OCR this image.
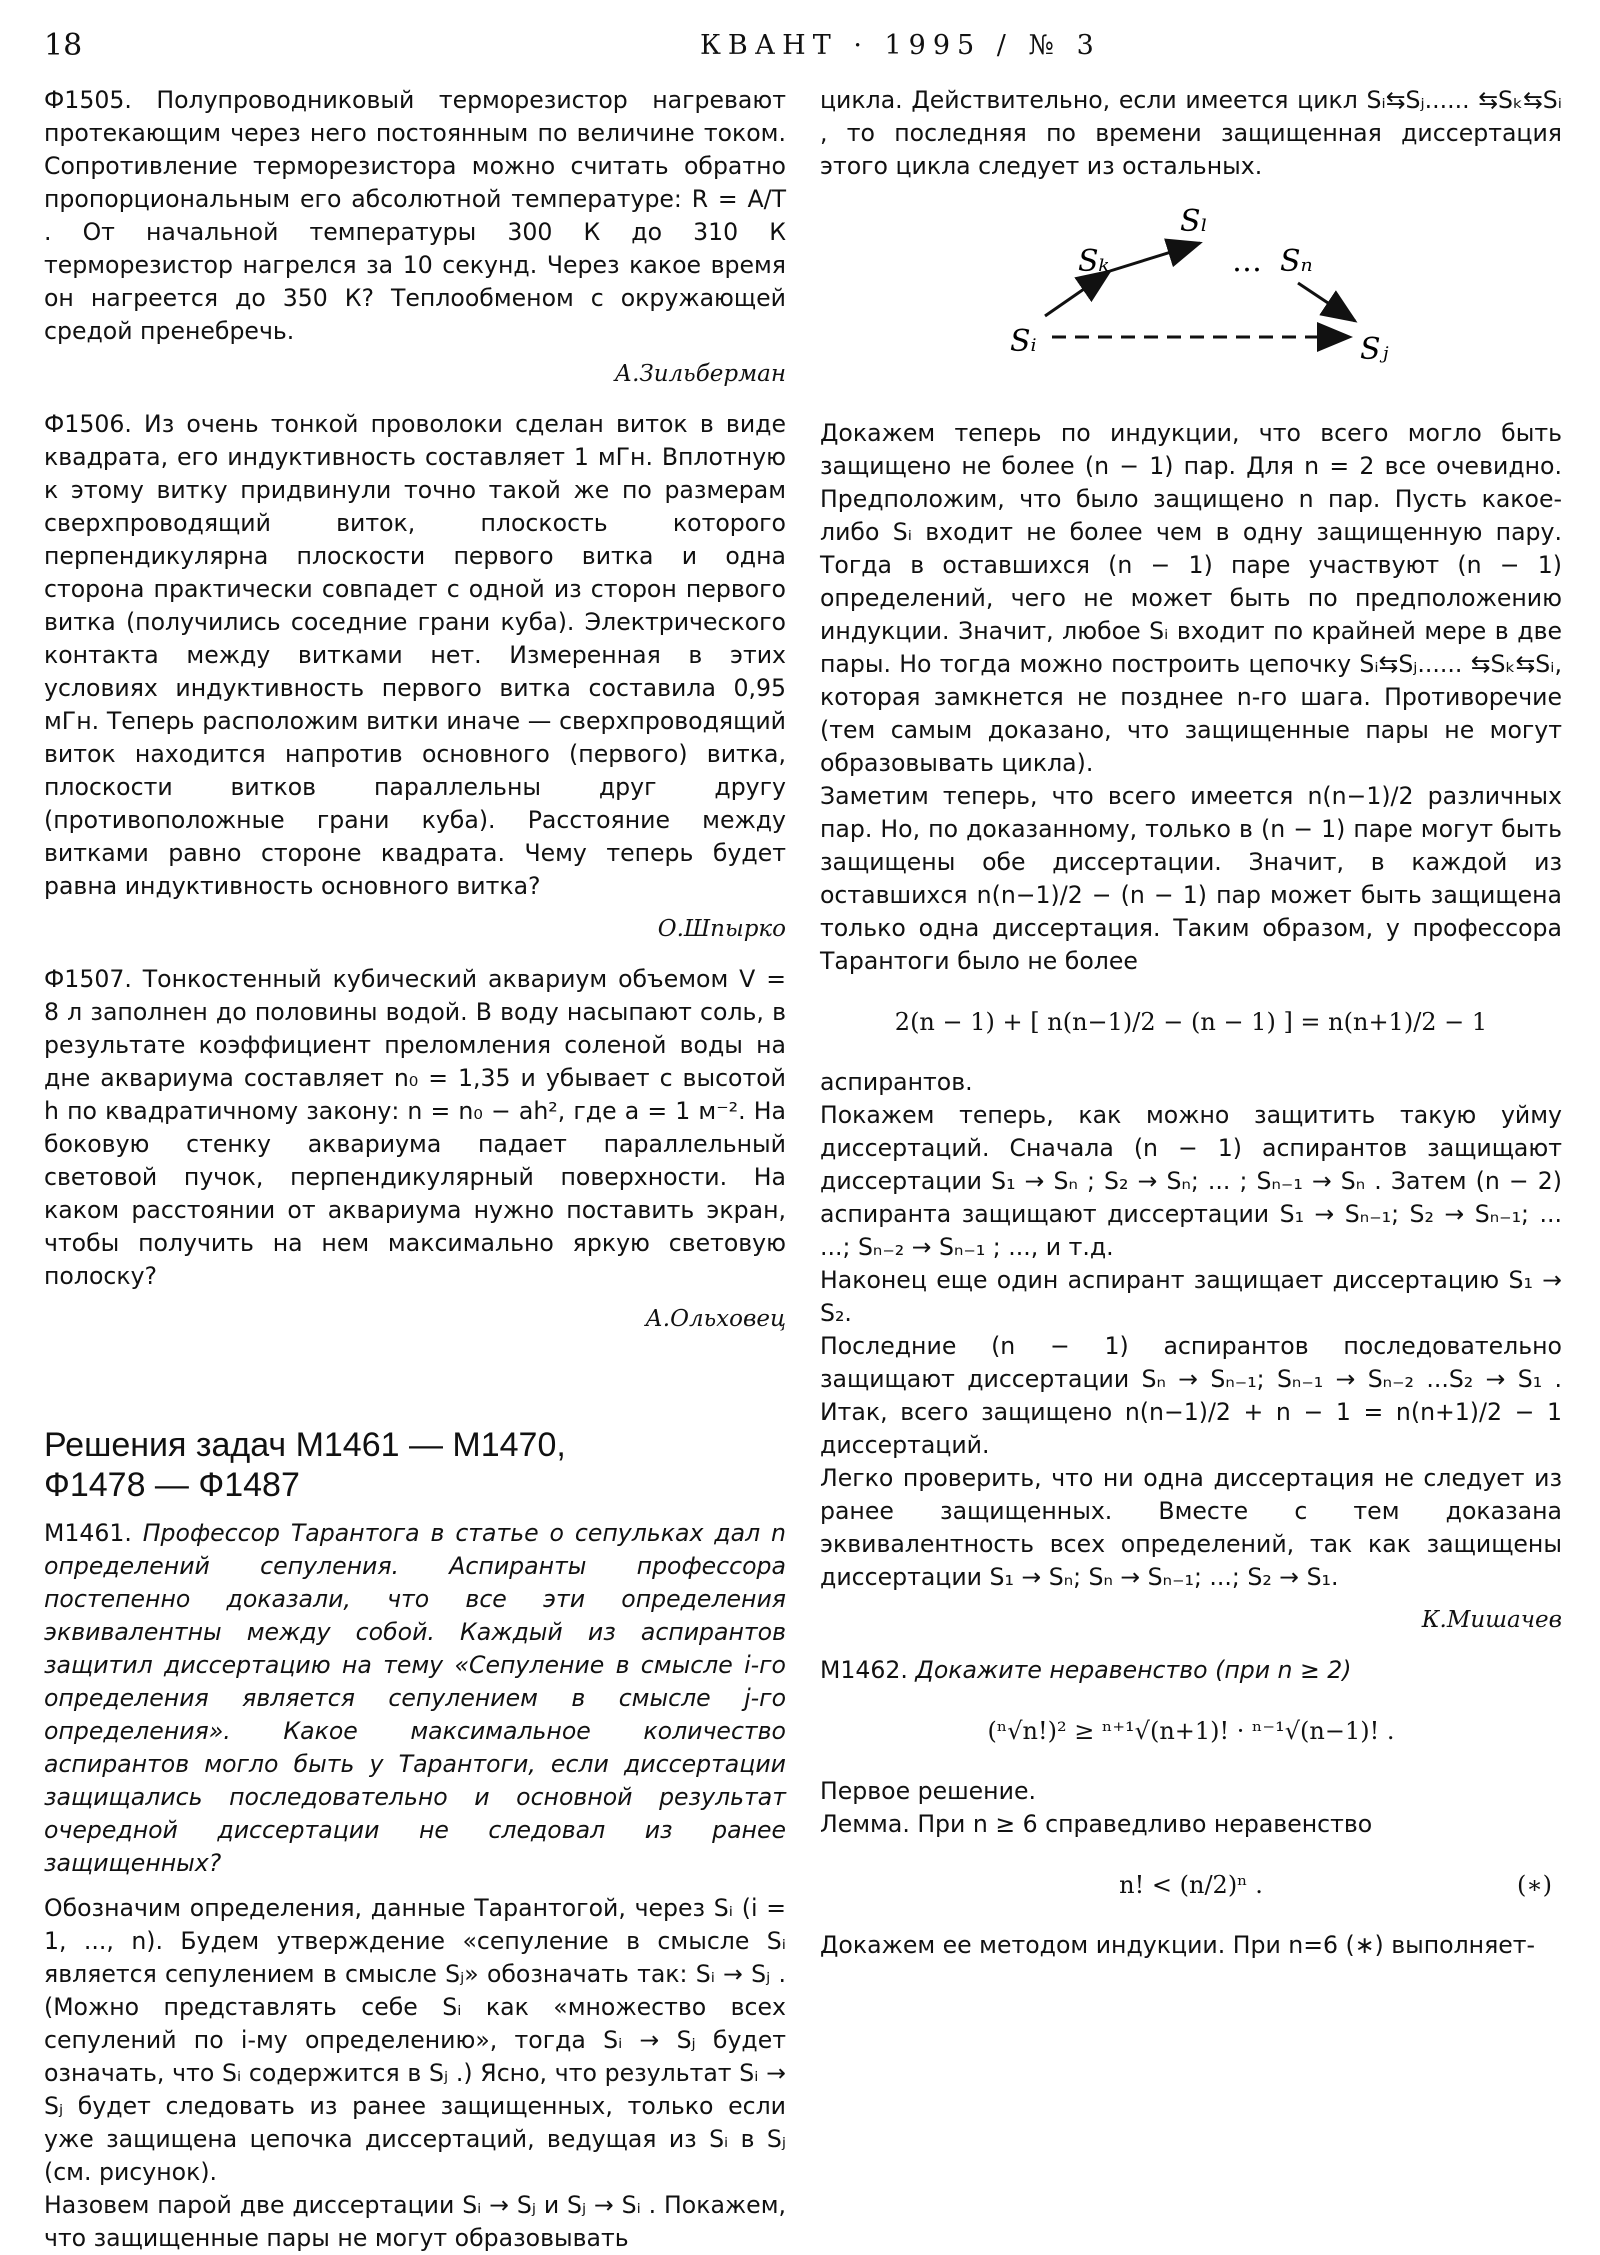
18	КВАНТ · 1995 / № 3

Ф1505. Полупроводниковый терморезистор нагревают протекающим через него постоянным по величине током. Сопротивление терморезистора можно считать обратно пропорциональным его абсолютной температуре: R = A/T . От начальной температуры 300 К до 310 К терморезистор нагрелся за 10 секунд. Через какое время он нагреется до 350 К? Теплообменом с окружающей средой пренебречь.

А.Зильберман

Ф1506. Из очень тонкой проволоки сделан виток в виде квадрата, его индуктивность составляет 1 мГн. Вплотную к этому витку придвинули точно такой же по размерам сверхпроводящий виток, плоскость которого перпендикулярна плоскости первого витка и одна сторона практически совпадет с одной из сторон первого витка (получились соседние грани куба). Электрического контакта между витками нет. Измеренная в этих условиях индуктивность первого витка составила 0,95 мГн. Теперь расположим витки иначе — сверхпроводящий виток находится напротив основного (первого) витка, плоскости витков параллельны друг другу (противоположные грани куба). Расстояние между витками равно стороне квадрата. Чему теперь будет равна индуктивность основного витка?

О.Шпырко

Ф1507. Тонкостенный кубический аквариум объемом V = 8 л заполнен до половины водой. В воду насыпают соль, в результате коэффициент преломления соленой воды на дне аквариума составляет n₀ = 1,35 и убывает с высотой h по квадратичному закону: n = n₀ − ah², где a = 1 м⁻². На боковую стенку аквариума падает параллельный световой пучок, перпендикулярный поверхности. На каком расстоянии от аквариума нужно поставить экран, чтобы получить на нем максимально яркую световую полоску?

А.Ольховец
Решения задач М1461 — М1470,
Ф1478 — Ф1487

М1461. Профессор Тарантога в статье о сепульках дал n определений сепуления. Аспиранты профессора постепенно доказали, что все эти определения эквивалентны между собой. Каждый из аспирантов защитил диссертацию на тему «Сепуление в смысле i-го определения является сепулением в смысле j-го определения». Какое максимальное количество аспирантов могло быть у Тарантоги, если диссертации защищались последовательно и основной результат очередной диссертации не следовал из ранее защищенных?

Обозначим определения, данные Тарантогой, через Sᵢ (i = 1, ..., n). Будем утверждение «сепуление в смысле Sᵢ является сепулением в смысле Sⱼ» обозначать так: Sᵢ → Sⱼ . (Можно представлять себе Sᵢ как «множество всех сепулений по i-му определению», тогда Sᵢ → Sⱼ будет означать, что Sᵢ содержится в Sⱼ .) Ясно, что результат Sᵢ → Sⱼ будет следовать из ранее защищенных, только если уже защищена цепочка диссертаций, ведущая из Sᵢ в Sⱼ (см. рисунок).

Назовем парой две диссертации Sᵢ → Sⱼ и Sⱼ → Sᵢ . Покажем, что защищенные пары не могут образовывать

цикла. Действительно, если имеется цикл Sᵢ⇆Sⱼ...... ⇆Sₖ⇆Sᵢ , то последняя по времени защищенная диссертация этого цикла следует из остальных.

Sₗ
Sₖ	… Sₙ
Sᵢ	Sⱼ

Докажем теперь по индукции, что всего могло быть защищено не более (n − 1) пар. Для n = 2 все очевидно. Предположим, что было защищено n пар. Пусть какое-либо Sᵢ входит не более чем в одну защищенную пару. Тогда в оставшихся (n − 1) паре участвуют (n − 1) определений, чего не может быть по предположению индукции. Значит, любое Sᵢ входит по крайней мере в две пары. Но тогда можно построить цепочку Sᵢ⇆Sⱼ...... ⇆Sₖ⇆Sᵢ, которая замкнется не позднее n-го шага. Противоречие (тем самым доказано, что защищенные пары не могут образовывать цикла).

Заметим теперь, что всего имеется n(n−1)/2 различных пар. Но, по доказанному, только в (n − 1) паре могут быть защищены обе диссертации. Значит, в каждой из оставшихся n(n−1)/2 − (n − 1) пар может быть защищена только одна диссертация. Таким образом, у профессора Тарантоги было не более

2(n − 1) + [ n(n−1)/2 − (n − 1) ] = n(n+1)/2 − 1

аспирантов.

Покажем теперь, как можно защитить такую уйму диссертаций. Сначала (n − 1) аспирантов защищают диссертации S₁ → Sₙ ; S₂ → Sₙ; ... ; Sₙ₋₁ → Sₙ . Затем (n − 2) аспиранта защищают диссертации S₁ → Sₙ₋₁; S₂ → Sₙ₋₁; ... ...; Sₙ₋₂ → Sₙ₋₁ ; ..., и т.д.

Наконец еще один аспирант защищает диссертацию S₁ → S₂.

Последние (n − 1) аспирантов последовательно защищают диссертации Sₙ → Sₙ₋₁; Sₙ₋₁ → Sₙ₋₂ ...S₂ → S₁ . Итак, всего защищено n(n−1)/2 + n − 1 = n(n+1)/2 − 1 диссертаций.

Легко проверить, что ни одна диссертация не следует из ранее защищенных. Вместе с тем доказана эквивалентность всех определений, так как защищены диссертации S₁ → Sₙ; Sₙ → Sₙ₋₁; ...; S₂ → S₁.

К.Мишачев

М1462. Докажите неравенство (при n ≥ 2)

(ⁿ√n!)² ≥ ⁿ⁺¹√(n+1)! · ⁿ⁻¹√(n−1)! .

Первое решение.

Лемма. При n ≥ 6 справедливо неравенство

n! < (n/2)ⁿ .	(∗)

Докажем ее методом индукции. При n=6 (∗) выполняет-
